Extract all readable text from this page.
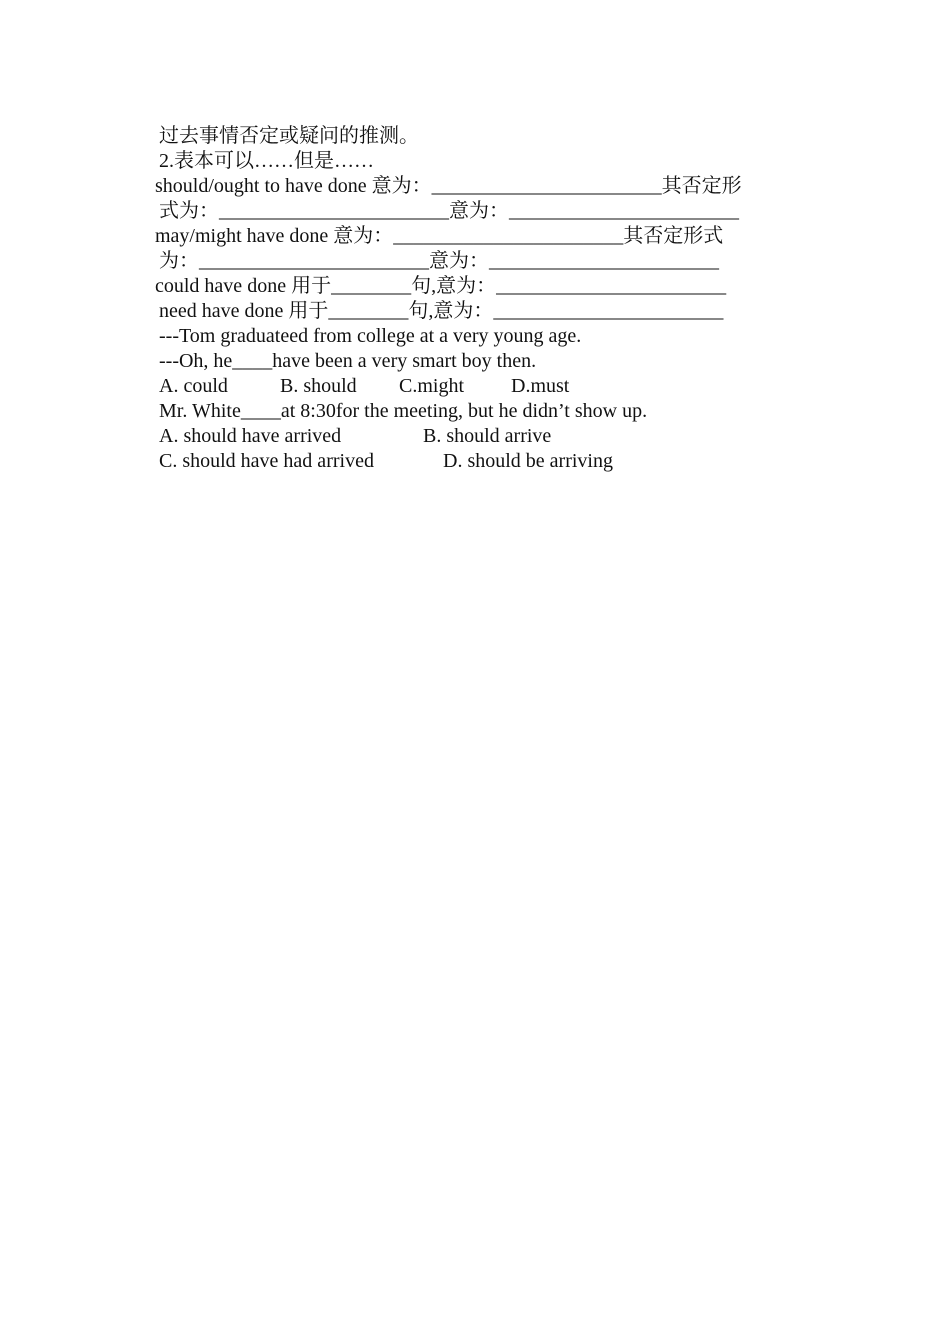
过去事情否定或疑问的推测。
2.表本可以……但是……
should/ought to have done 意为：_______________________其否定形
式为：_______________________意为：_______________________
may/might have done 意为：_______________________其否定形式
为：_______________________意为：_______________________
could have done 用于________句,意为：_______________________
need have done 用于________句,意为：_______________________
---Tom graduateed from college at a very young age.
---Oh, he____have been a very smart boy then.
A. could	B. should C.might D.must
Mr. White____at 8:30for the meeting, but he didn’t show up.
A. should have arrived	B. should arrive
C. should have had arrived	D. should be arriving
